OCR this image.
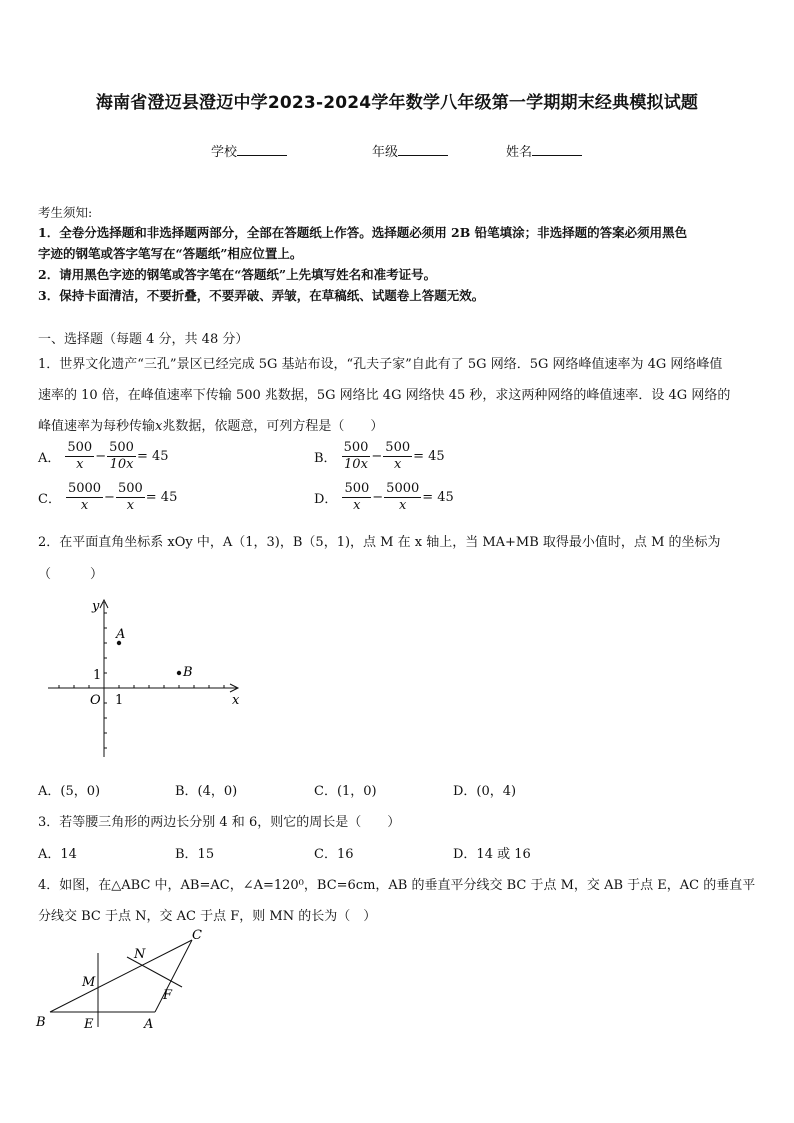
海南省澄迈县澄迈中学2023-2024学年数学八年级第一学期期末经典模拟试题
学校	年级	姓名
考生须知:
1．全卷分选择题和非选择题两部分，全部在答题纸上作答。选择题必须用 2B 铅笔填涂；非选择题的答案必须用黑色
字迹的钢笔或答字笔写在“答题纸”相应位置上。
2．请用黑色字迹的钢笔或答字笔在“答题纸”上先填写姓名和准考证号。
3．保持卡面清洁，不要折叠，不要弄破、弄皱，在草稿纸、试题卷上答题无效。
一、选择题（每题 4 分，共 48 分）
1．世界文化遗产“三孔”景区已经完成 5G 基站布设，“孔夫子家”自此有了 5G 网络．5G 网络峰值速率为 4G 网络峰值
速率的 10 倍，在峰值速率下传输 500 兆数据，5G 网络比 4G 网络快 45 秒，求这两种网络的峰值速率．设 4G 网络的
峰值速率为每秒传输x兆数据，依题意，可列方程是（　　）
A． $\frac{500}{x} - \frac{500}{10x} = 45$	B． $\frac{500}{10x} - \frac{500}{x} = 45$
C． $\frac{5000}{x} - \frac{500}{x} = 45$	D． $\frac{500}{x} - \frac{5000}{x} = 45$
2．在平面直角坐标系 xOy 中，A（1，3)，B（5，1)，点 M 在 x 轴上，当 MA+MB 取得最小值时，点 M 的坐标为
（　　　）
y
x
O 1
1
A
B
A．(5，0)	B．(4，0)	C．(1，0)	D．(0，4)
3．若等腰三角形的两边长分别 4 和 6，则它的周长是（　　）
A．14	B．15	C．16	D．14 或 16
4．如图，在△ABC 中，AB=AC，∠A=120⁰，BC=6cm，AB 的垂直平分线交 BC 于点 M，交 AB 于点 E，AC 的垂直平
分线交 BC 于点 N，交 AC 于点 F，则 MN 的长为（　）
B	E	A
M
N
F
C
